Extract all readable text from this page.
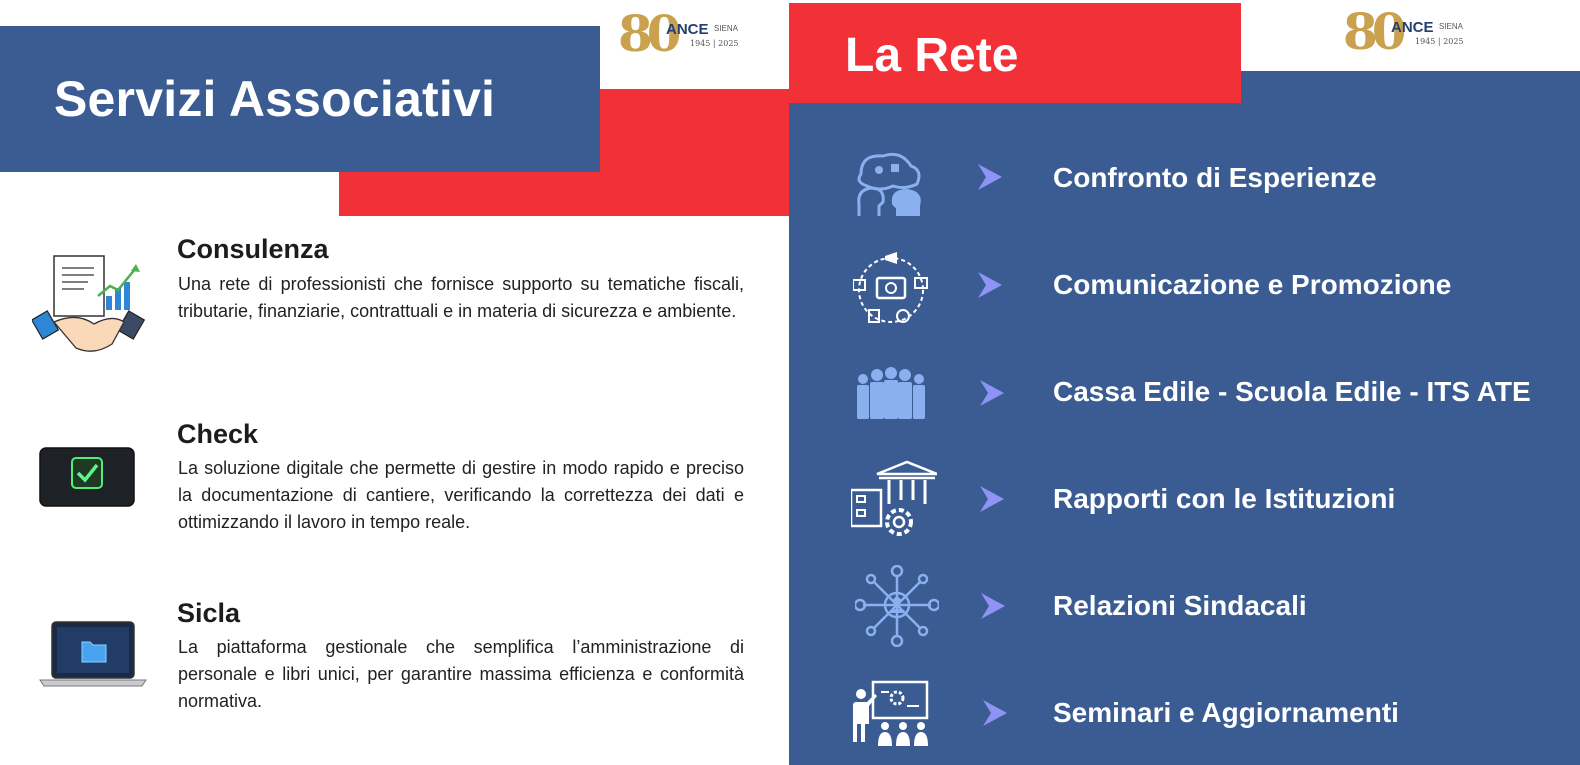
Servizi Associativi
80
ANCE SIENA
1945 | 2025
Consulenza
Una rete di professionisti che fornisce supporto su tematiche fiscali, tributarie, finanziarie, contrattuali e in materia di sicurezza e ambiente.
Check
La soluzione digitale che permette di gestire in modo rapido e preciso la documentazione di cantiere, verificando la correttezza dei dati e ottimizzando il lavoro in tempo reale.
Sicla
La piattaforma gestionale che semplifica l’amministrazione di personale e libri unici, per garantire massima efficienza e conformità normativa.
La Rete	80
ANCE SIENA
1945 | 2025
Confronto di Esperienze
Comunicazione e Promozione
Cassa Edile - Scuola Edile - ITS ATE
Rapporti con le Istituzioni
Relazioni Sindacali
Seminari e Aggiornamenti
